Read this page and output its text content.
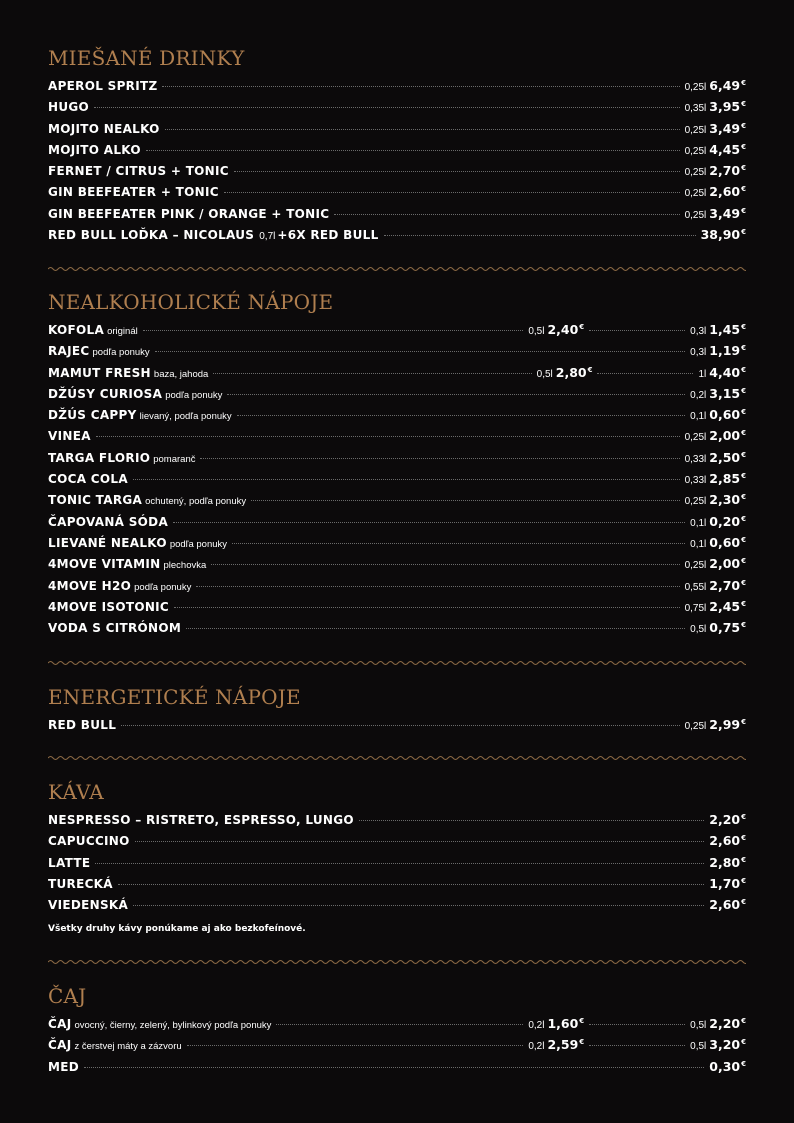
MIEŠANÉ DRINKY
APEROL SPRITZ	0,25l 6,49€
HUGO	0,35l 3,95€
MOJITO NEALKO	0,25l 3,49€
MOJITO ALKO	0,25l 4,45€
FERNET / CITRUS + TONIC	0,25l 2,70€
GIN BEEFEATER + TONIC	0,25l 2,60€
GIN BEEFEATER PINK / ORANGE + TONIC	0,25l 3,49€
RED BULL LOĎKA – NICOLAUS 0,7l +6X RED BULL	38,90€
NEALKOHOLICKÉ NÁPOJE
KOFOLA originál	0,5l 2,40€	0,3l 1,45€
RAJEC podľa ponuky	0,3l 1,19€
MAMUT FRESH baza, jahoda	0,5l 2,80€	1l 4,40€
DŽÚSY CURIOSA podľa ponuky	0,2l 3,15€
DŽÚS CAPPY lievaný, podľa ponuky	0,1l 0,60€
VINEA	0,25l 2,00€
TARGA FLORIO pomaranč	0,33l 2,50€
COCA COLA	0,33l 2,85€
TONIC TARGA ochutený, podľa ponuky	0,25l 2,30€
ČAPOVANÁ SÓDA	0,1l 0,20€
LIEVANÉ NEALKO podľa ponuky	0,1l 0,60€
4MOVE VITAMIN plechovka	0,25l 2,00€
4MOVE H2O podľa ponuky	0,55l 2,70€
4MOVE ISOTONIC	0,75l 2,45€
VODA S CITRÓNOM	0,5l 0,75€
ENERGETICKÉ NÁPOJE
RED BULL	0,25l 2,99€
KÁVA
NESPRESSO – RISTRETO, ESPRESSO, LUNGO	2,20€
CAPUCCINO	2,60€
LATTE	2,80€
TURECKÁ	1,70€
VIEDENSKÁ	2,60€
Všetky druhy kávy ponúkame aj ako bezkofeínové.
ČAJ
ČAJ ovocný, čierny, zelený, bylinkový podľa ponuky	0,2l 1,60€	0,5l 2,20€
ČAJ z čerstvej máty a zázvoru	0,2l 2,59€	0,5l 3,20€
MED	0,30€
